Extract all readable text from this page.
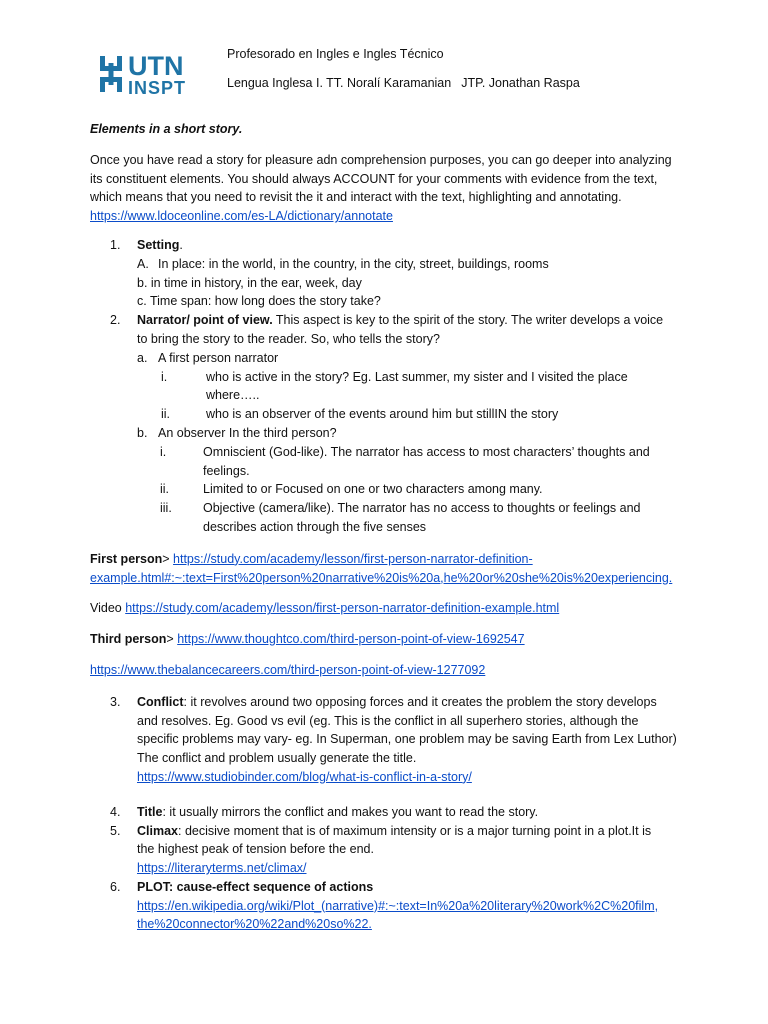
UTN
INSPT
Profesorado en Ingles e Ingles Técnico
Lengua Inglesa I. TT. Noralí Karamanian JTP. Jonathan Raspa
Elements in a short story.
Once you have read a story for pleasure adn comprehension purposes, you can go deeper into analyzing
its constituent elements. You should always ACCOUNT for your comments with evidence from the text,
which means that you need to revisit the it and interact with the text, highlighting and annotating.
https://www.ldoceonline.com/es-LA/dictionary/annotate
1. Setting.
A. In place: in the world, in the country, in the city, street, buildings, rooms
b. in time in history, in the ear, week, day
c. Time span: how long does the story take?
2. Narrator/ point of view. This aspect is key to the spirit of the story. The writer develops a voice
to bring the story to the reader. So, who tells the story?
a. A first person narrator
i.	who is active in the story? Eg. Last summer, my sister and I visited the place
where…..
ii.	who is an observer of the events around him but stillIN the story
b. An observer In the third person?
i.	Omniscient (God-like). The narrator has access to most characters’ thoughts and
feelings.
ii.	Limited to or Focused on one or two characters among many.
iii. Objective (camera/like). The narrator has no access to thoughts or feelings and
describes action through the five senses
First person> https://study.com/academy/lesson/first-person-narrator-definition-
example.html#:~:text=First%20person%20narrative%20is%20a,he%20or%20she%20is%20experiencing.
Video https://study.com/academy/lesson/first-person-narrator-definition-example.html
Third person> https://www.thoughtco.com/third-person-point-of-view-1692547
https://www.thebalancecareers.com/third-person-point-of-view-1277092
3. Conflict: it revolves around two opposing forces and it creates the problem the story develops
and resolves. Eg. Good vs evil (eg. This is the conflict in all superhero stories, although the
specific problems may vary- eg. In Superman, one problem may be saving Earth from Lex Luthor)
The conflict and problem usually generate the title.
https://www.studiobinder.com/blog/what-is-conflict-in-a-story/
4. Title: it usually mirrors the conflict and makes you want to read the story.
5. Climax: decisive moment that is of maximum intensity or is a major turning point in a plot.It is
the highest peak of tension before the end.
https://literaryterms.net/climax/
6. PLOT: cause-effect sequence of actions
https://en.wikipedia.org/wiki/Plot_(narrative)#:~:text=In%20a%20literary%20work%2C%20film,
the%20connector%20%22and%20so%22.
